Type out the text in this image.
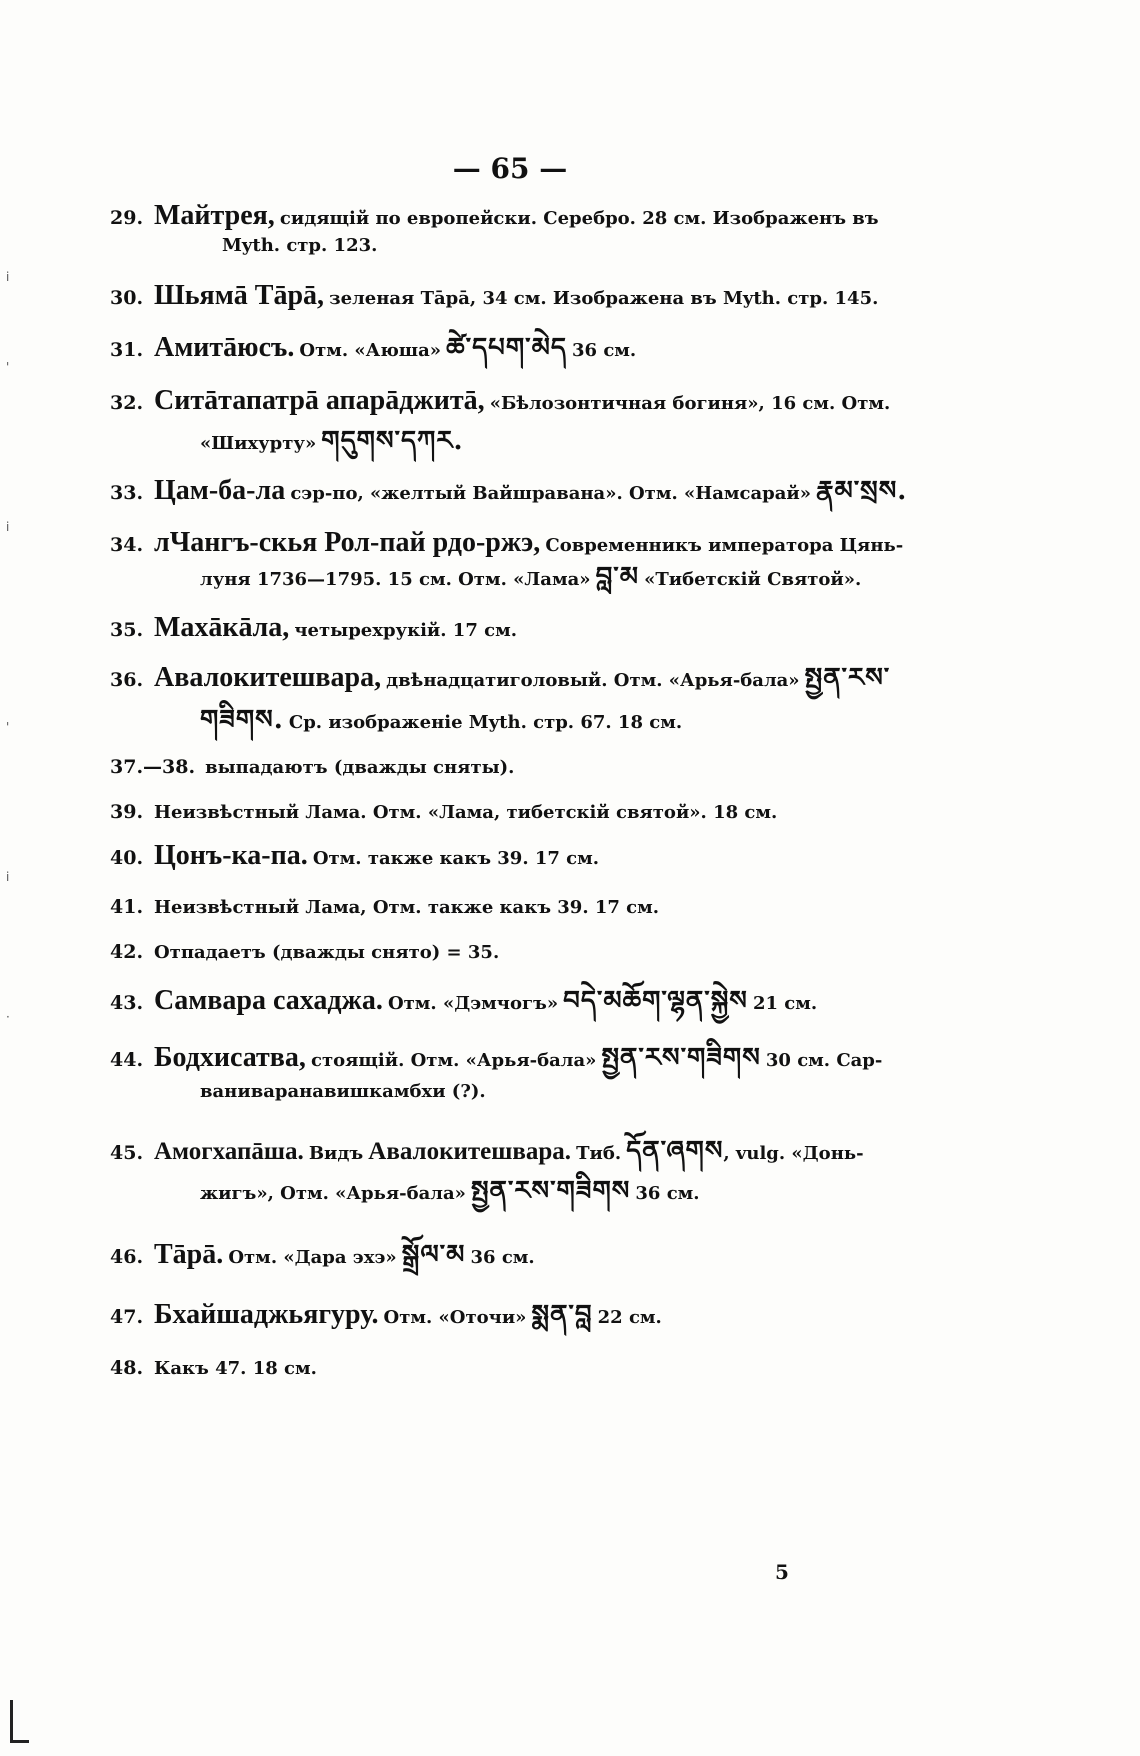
— 65 —
29. Майтрея, сидящій по европейски. Серебро. 28 см. Изображенъ въ
Myth. стр. 123.
30. Шьямā Тāрā, зеленая Тāрā, 34 см. Изображена въ Myth. стр. 145.
31. Амитāюсъ. Отм. «Аюша» ཚེ་དཔག་མེད 36 см.
32. Ситāтапатрā апарāджитā, «Бѣлозонтичная богиня», 16 см. Отм.
«Шихурту» གདུགས་དཀར.
33. Цам-ба-ла сэр-по, «желтый Вайшравана». Отм. «Намсарай» རྣམ་སྲས.
34. лЧангъ-скья Рол-пай рдо-ржэ, Современникъ императора Цянь-
луня 1736—1795. 15 см. Отм. «Лама» བླ་མ «Тибетскій Святой».
35. Махāкāла, четырехрукій. 17 см.
36. Авалокитешвара, двѣнадцатиголовый. Отм. «Арья-бала» སྤྱན་རས་
གཟིགས. Ср. изображеніе Myth. стр. 67. 18 см.
37.—38. выпадаютъ (дважды сняты).
39. Неизвѣстный Лама. Отм. «Лама, тибетскій святой». 18 см.
40. Цонъ-ка-па. Отм. также какъ 39. 17 см.
41. Неизвѣстный Лама, Отм. также какъ 39. 17 см.
42. Отпадаетъ (дважды снято) = 35.
43. Самвара сахаджа. Отм. «Дэмчогъ» བདེ་མཆོག་ལྷན་སྐྱེས 21 см.
44. Бодхисатва, стоящій. Отм. «Арья-бала» སྤྱན་རས་གཟིགས 30 см. Сар-
ваниваранавишкамбхи (?).
45. Амогхапāша. Видъ Авалокитешвара. Тиб. དོན་ཞགས, vulg. «Донь-
жигъ», Отм. «Арья-бала» སྤྱན་རས་གཟིགས 36 см.
46. Тāрā. Отм. «Дара эхэ» སྒྲོལ་མ 36 см.
47. Бхайшаджьягуру. Отм. «Оточи» སྨན་བླ 22 см.
48. Какъ 47. 18 см.
5
ⅰ
'
ⅰ
'
ⅰ
·
